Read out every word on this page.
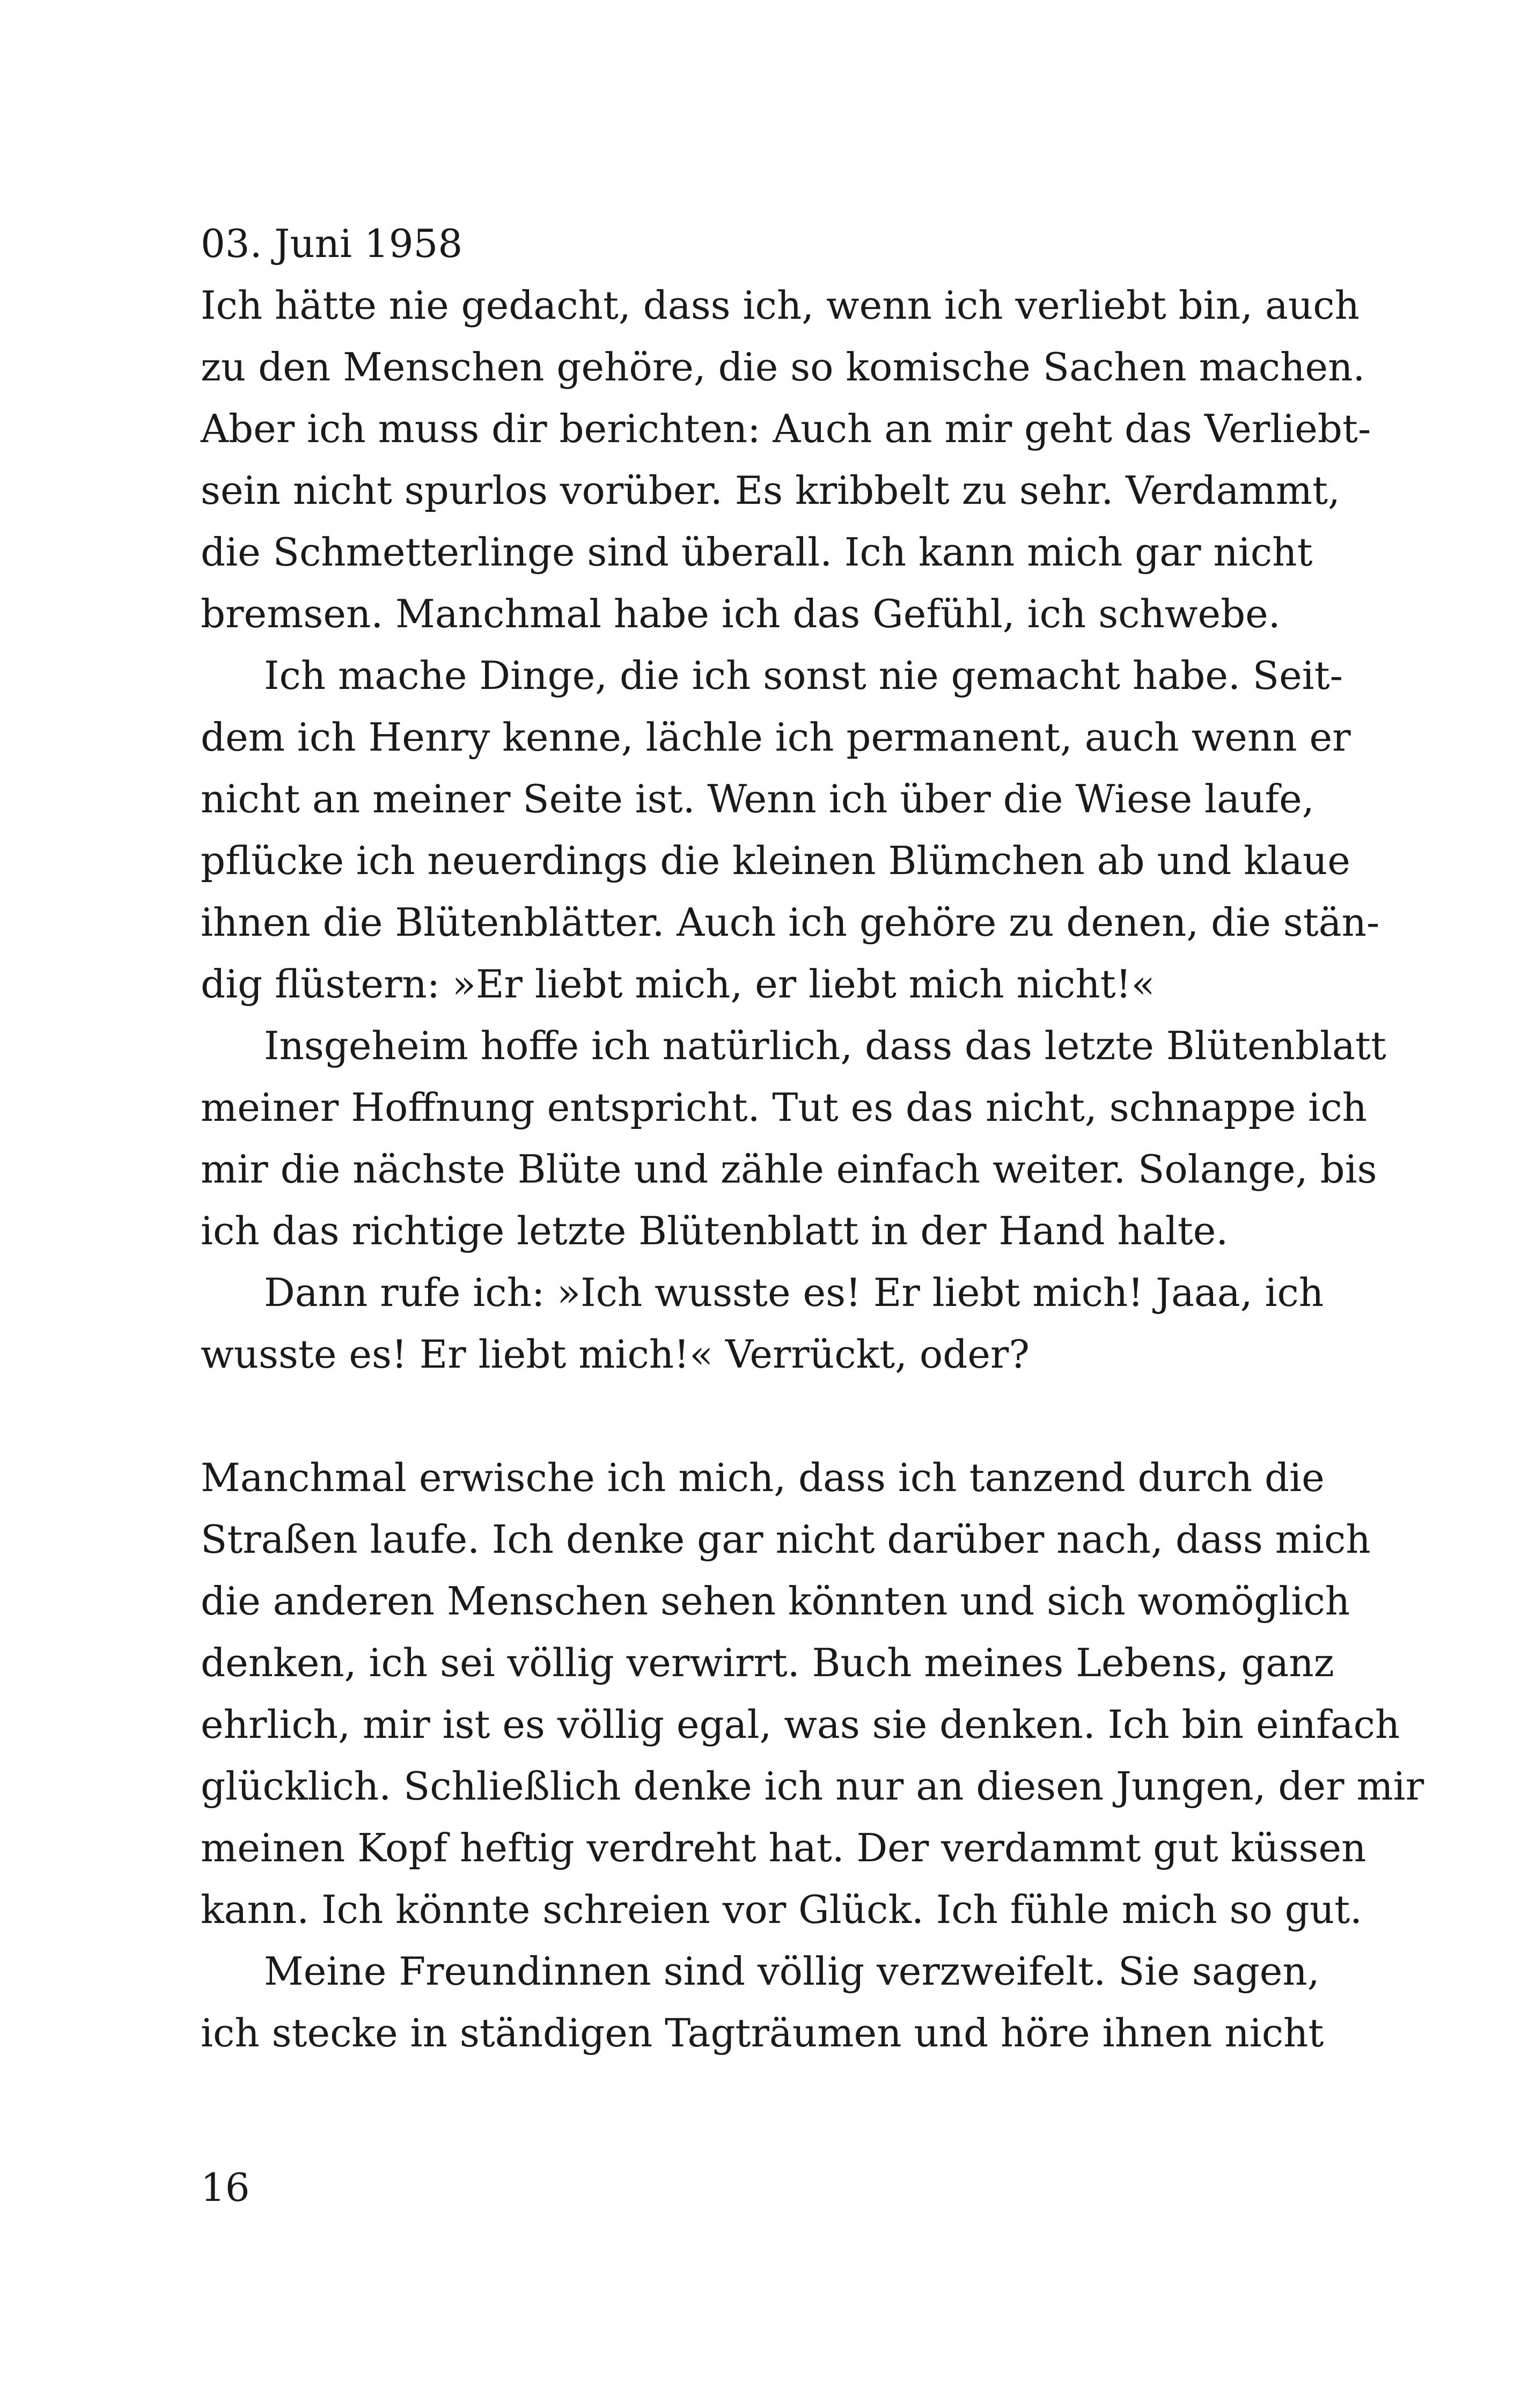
03. Juni 1958
Ich hätte nie gedacht, dass ich, wenn ich verliebt bin, auch
zu den Menschen gehöre, die so komische Sachen machen.
Aber ich muss dir berichten: Auch an mir geht das Verliebt-
sein nicht spurlos vorüber. Es kribbelt zu sehr. Verdammt,
die Schmetterlinge sind überall. Ich kann mich gar nicht
bremsen. Manchmal habe ich das Gefühl, ich schwebe.
Ich mache Dinge, die ich sonst nie gemacht habe. Seit-
dem ich Henry kenne, lächle ich permanent, auch wenn er
nicht an meiner Seite ist. Wenn ich über die Wiese laufe,
pflücke ich neuerdings die kleinen Blümchen ab und klaue
ihnen die Blütenblätter. Auch ich gehöre zu denen, die stän-
dig flüstern: »Er liebt mich, er liebt mich nicht!«
Insgeheim hoffe ich natürlich, dass das letzte Blütenblatt
meiner Hoffnung entspricht. Tut es das nicht, schnappe ich
mir die nächste Blüte und zähle einfach weiter. Solange, bis
ich das richtige letzte Blütenblatt in der Hand halte.
Dann rufe ich: »Ich wusste es! Er liebt mich! Jaaa, ich
wusste es! Er liebt mich!« Verrückt, oder?
Manchmal erwische ich mich, dass ich tanzend durch die
Straßen laufe. Ich denke gar nicht darüber nach, dass mich
die anderen Menschen sehen könnten und sich womöglich
denken, ich sei völlig verwirrt. Buch meines Lebens, ganz
ehrlich, mir ist es völlig egal, was sie denken. Ich bin einfach
glücklich. Schließlich denke ich nur an diesen Jungen, der mir
meinen Kopf heftig verdreht hat. Der verdammt gut küssen
kann. Ich könnte schreien vor Glück. Ich fühle mich so gut.
Meine Freundinnen sind völlig verzweifelt. Sie sagen,
ich stecke in ständigen Tagträumen und höre ihnen nicht
16
